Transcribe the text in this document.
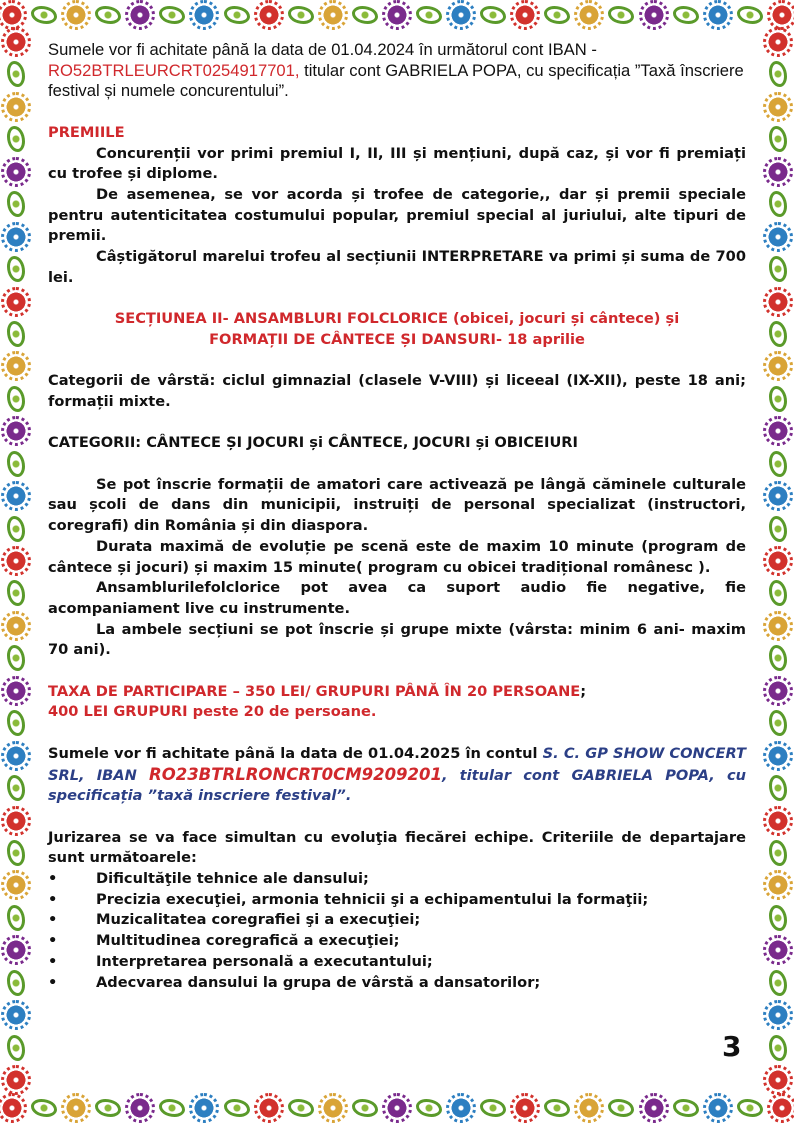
Sumele vor fi achitate până la data de 01.04.2024 în următorul cont IBAN - RO52BTRLEURCRT0254917701, titular cont GABRIELA POPA, cu specificația ”Taxă înscriere festival și numele concurentului”.

PREMIILE

Concurenții vor primi premiul I, II, III și mențiuni, după caz, și vor fi premiați cu trofee și diplome.

De asemenea, se vor acorda și trofee de categorie,, dar și premii speciale pentru autenticitatea costumului popular, premiul special al juriului, alte tipuri de premii.

Câștigătorul marelui trofeu al secțiunii INTERPRETARE va primi și suma de 700 lei.

SECȚIUNEA II- ANSAMBLURI FOLCLORICE (obicei, jocuri și cântece) și
FORMAȚII DE CÂNTECE ȘI DANSURI- 18 aprilie

Categorii de vârstă: ciclul gimnazial (clasele V-VIII) și liceeal (IX-XII), peste 18 ani; formații mixte.

CATEGORII: CÂNTECE ȘI JOCURI și CÂNTECE, JOCURI și OBICEIURI

Se pot înscrie formații de amatori care activează pe lângă căminele culturale sau școli de dans din municipii, instruiți de personal specializat (instructori, coregrafi) din România și din diaspora.

Durata maximă de evoluție pe scenă este de maxim 10 minute (program de cântece și jocuri) și maxim 15 minute( program cu obicei tradițional românesc ).

Ansamblurilefolclorice pot avea ca suport audio fie negative, fie acompaniament live cu instrumente.

La ambele secțiuni se pot înscrie și grupe mixte (vârsta: minim 6 ani- maxim 70 ani).

TAXA DE PARTICIPARE – 350 LEI/ GRUPURI PÂNĂ ÎN 20 PERSOANE;
400 LEI GRUPURI peste 20 de persoane.

Sumele vor fi achitate până la data de 01.04.2025 în contul S. C. GP SHOW CONCERT SRL, IBAN RO23BTRLRONCRT0CM9209201, titular cont GABRIELA POPA, cu specificația ”taxă inscriere festival”.

Jurizarea se va face simultan cu evoluţia fiecărei echipe. Criteriile de departajare sunt următoarele:

•	Dificultăţile tehnice ale dansului;
•	Precizia execuţiei, armonia tehnicii şi a echipamentului la formaţii;
•	Muzicalitatea coregrafiei şi a execuţiei;
•	Multitudinea coregrafică a execuţiei;
•	Interpretarea personală a executantului;
•	Adecvarea dansului la grupa de vârstă a dansatorilor;
3
